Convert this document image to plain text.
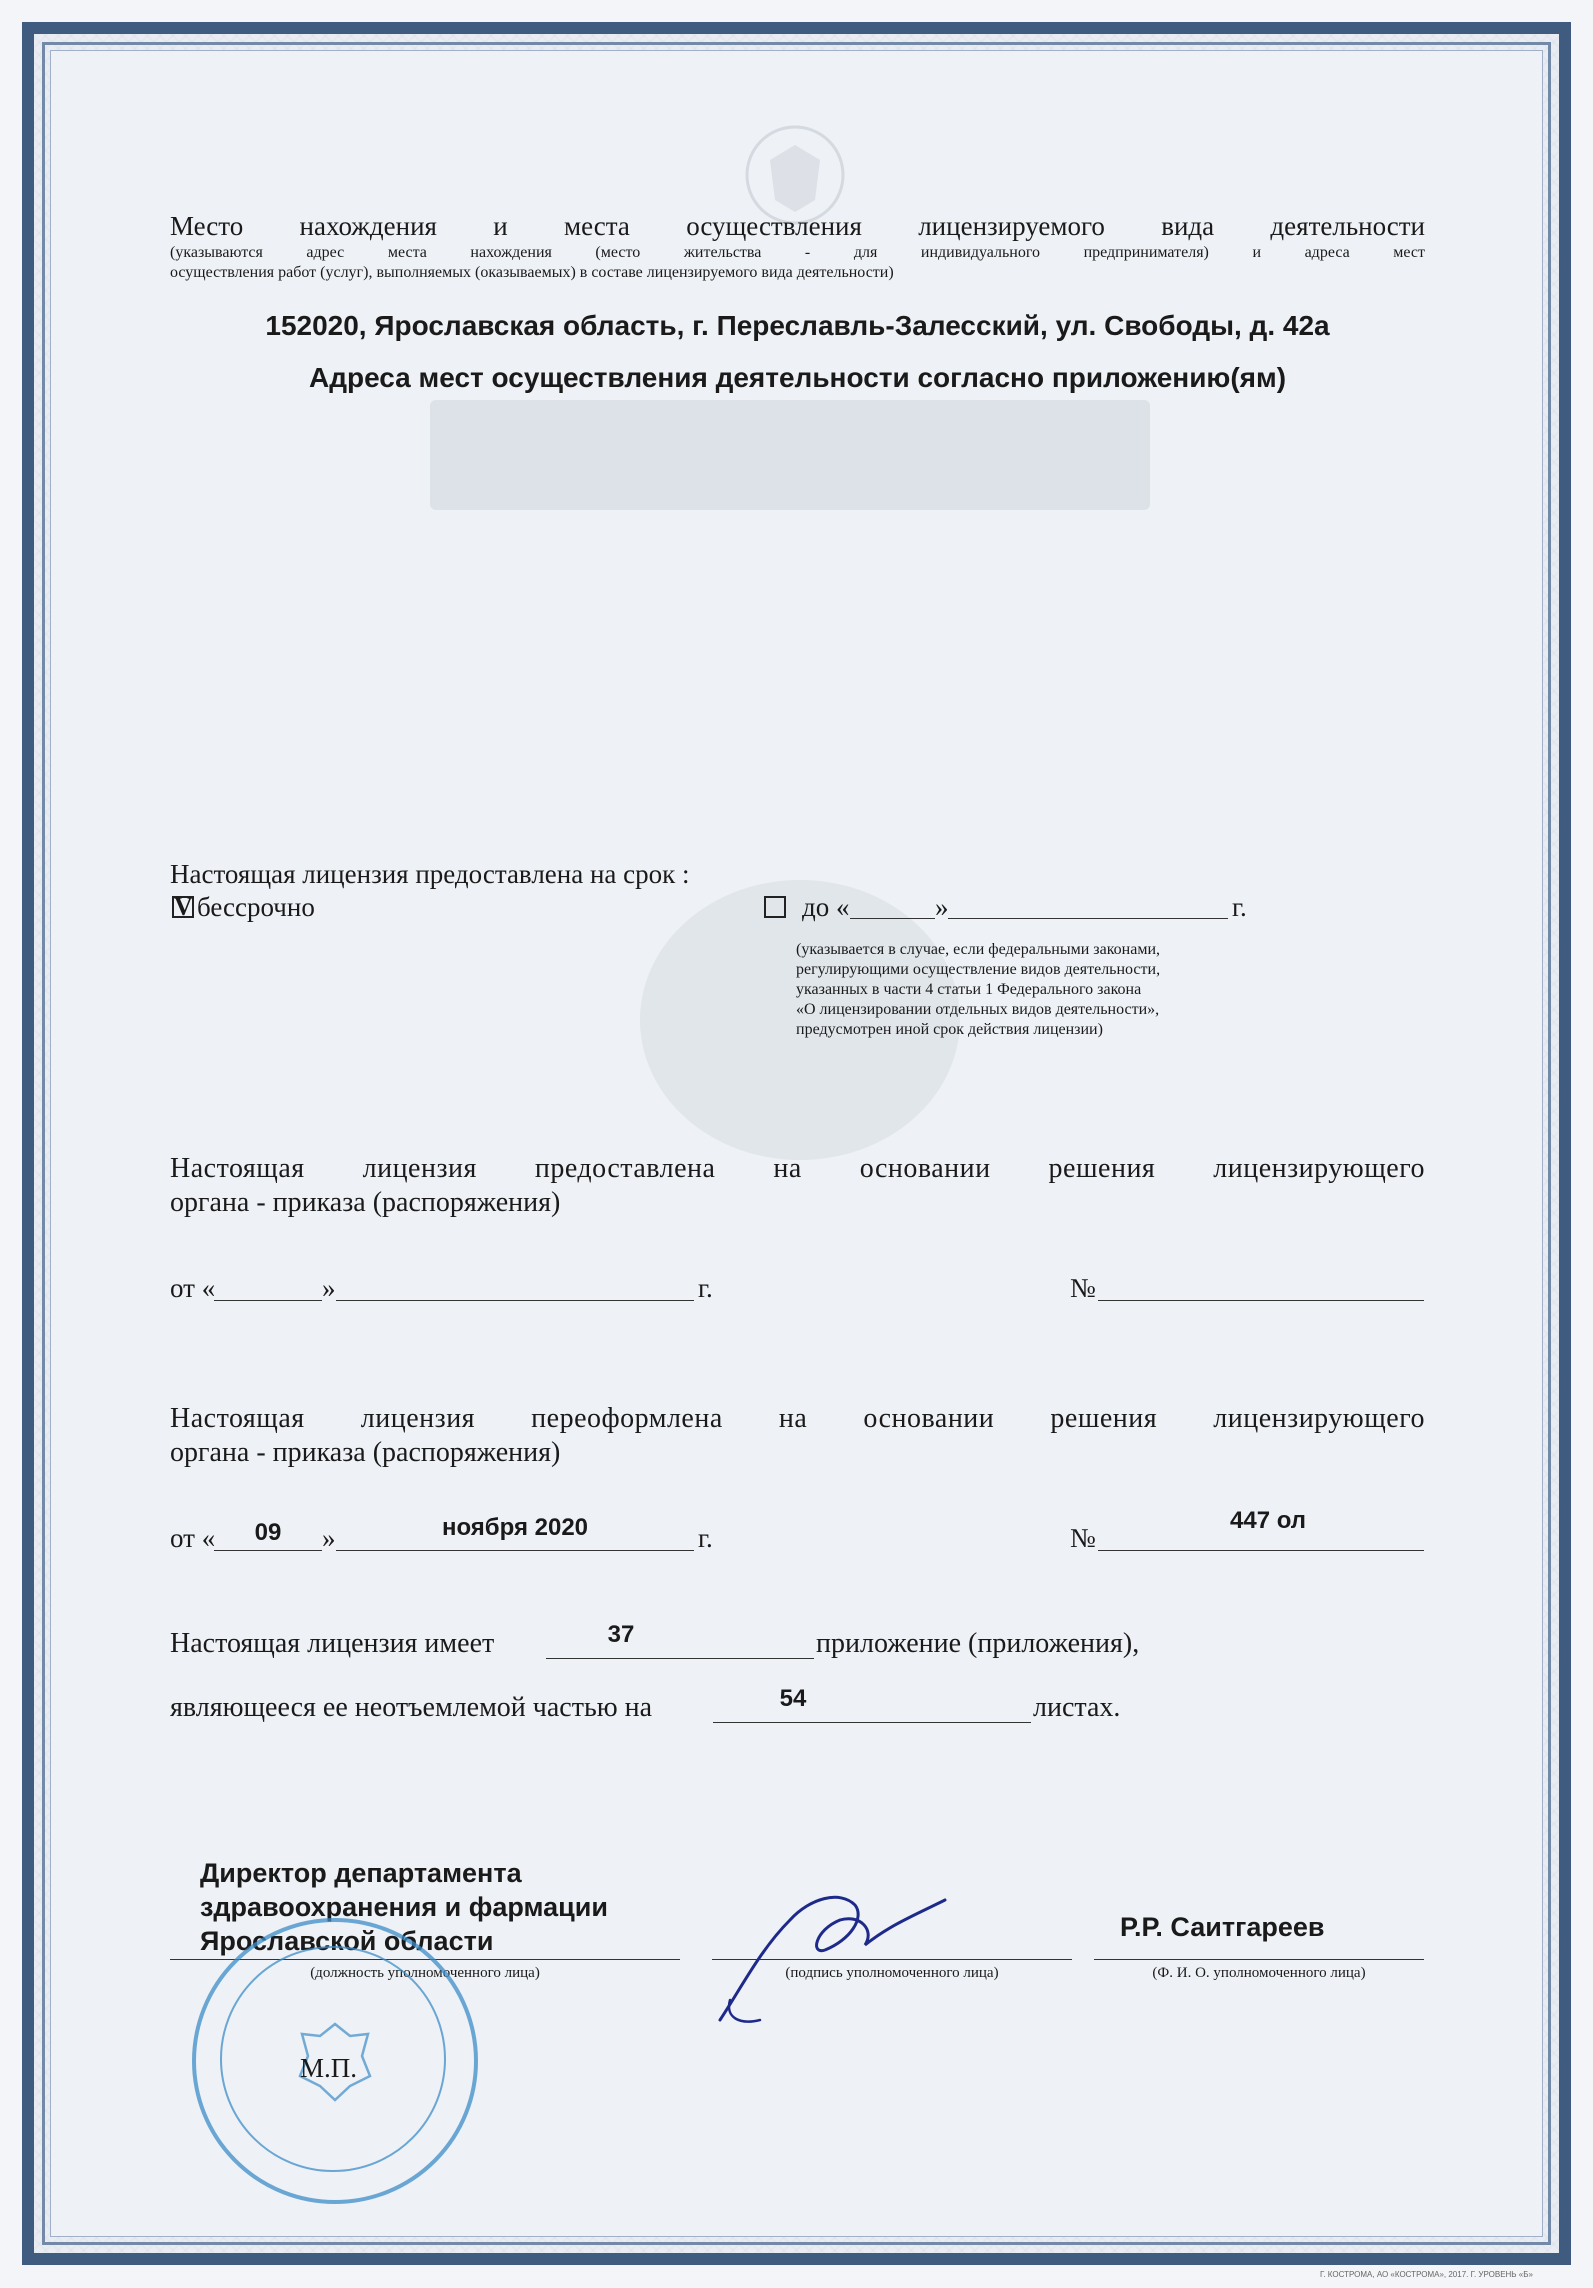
Место нахождения и места осуществления лицензируемого вида деятельности
(указываются адрес места нахождения (место жительства - для индивидуального предпринимателя) и адреса мест
осуществления работ (услуг), выполняемых (оказываемых) в составе лицензируемого вида деятельности)
152020, Ярославская область, г. Переславль-Залесский, ул. Свободы, д. 42а
Адреса мест осуществления деятельности согласно приложению(ям)
Настоящая лицензия предоставлена на срок :
V бессрочно	до «	»	г.
(указывается в случае, если федеральными законами,
регулирующими осуществление видов деятельности,
указанных в части 4 статьи 1 Федерального закона
«О лицензировании отдельных видов деятельности»,
предусмотрен иной срок действия лицензии)
Настоящая лицензия предоставлена на основании решения лицензирующего
органа - приказа (распоряжения)
от «	»	г.	№
Настоящая лицензия переоформлена на основании решения лицензирующего
органа - приказа (распоряжения)
от «	09	»	ноября 2020	г.	№
447 ол
Настоящая лицензия имеет	37	приложение (приложения),
являющееся ее неотъемлемой частью на	54	листах.
Директор департамента
здравоохранения и фармации
Ярославской области
(должность уполномоченного лица)	(подпись уполномоченного лица)
Р.Р. Саитгареев
(Ф. И. О. уполномоченного лица)
М.П.
Г. КОСТРОМА, АО «КОСТРОМА», 2017. Г. УРОВЕНЬ «Б»
